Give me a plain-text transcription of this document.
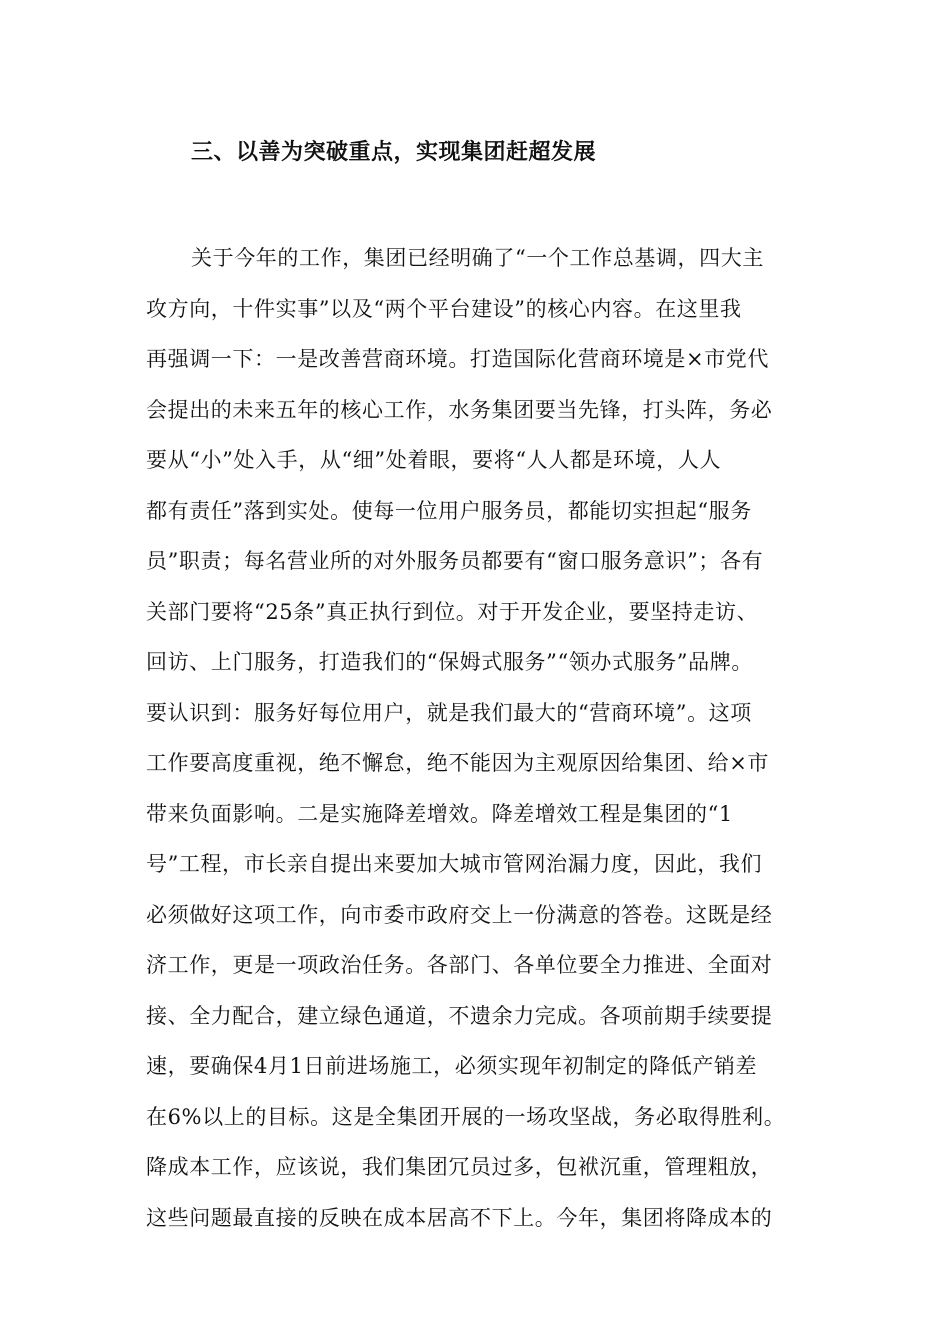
三、以善为突破重点，实现集团赶超发展
关于今年的工作，集团已经明确了“一个工作总基调，四大主
攻方向，十件实事”以及“两个平台建设”的核心内容。在这里我
再强调一下：一是改善营商环境。打造国际化营商环境是×市党代
会提出的未来五年的核心工作，水务集团要当先锋，打头阵，务必
要从“小”处入手，从“细”处着眼，要将“人人都是环境，人人
都有责任”落到实处。使每一位用户服务员，都能切实担起“服务
员”职责；每名营业所的对外服务员都要有“窗口服务意识”；各有
关部门要将“25条”真正执行到位。对于开发企业，要坚持走访、
回访、上门服务，打造我们的“保姆式服务”“领办式服务”品牌。
要认识到：服务好每位用户，就是我们最大的“营商环境”。这项
工作要高度重视，绝不懈怠，绝不能因为主观原因给集团、给×市
带来负面影响。二是实施降差增效。降差增效工程是集团的“1
号”工程，市长亲自提出来要加大城市管网治漏力度，因此，我们
必须做好这项工作，向市委市政府交上一份满意的答卷。这既是经
济工作，更是一项政治任务。各部门、各单位要全力推进、全面对
接、全力配合，建立绿色通道，不遗余力完成。各项前期手续要提
速，要确保4月1日前进场施工，必须实现年初制定的降低产销差
在6%以上的目标。这是全集团开展的一场攻坚战，务必取得胜利。
降成本工作，应该说，我们集团冗员过多，包袱沉重，管理粗放，
这些问题最直接的反映在成本居高不下上。今年，集团将降成本的
